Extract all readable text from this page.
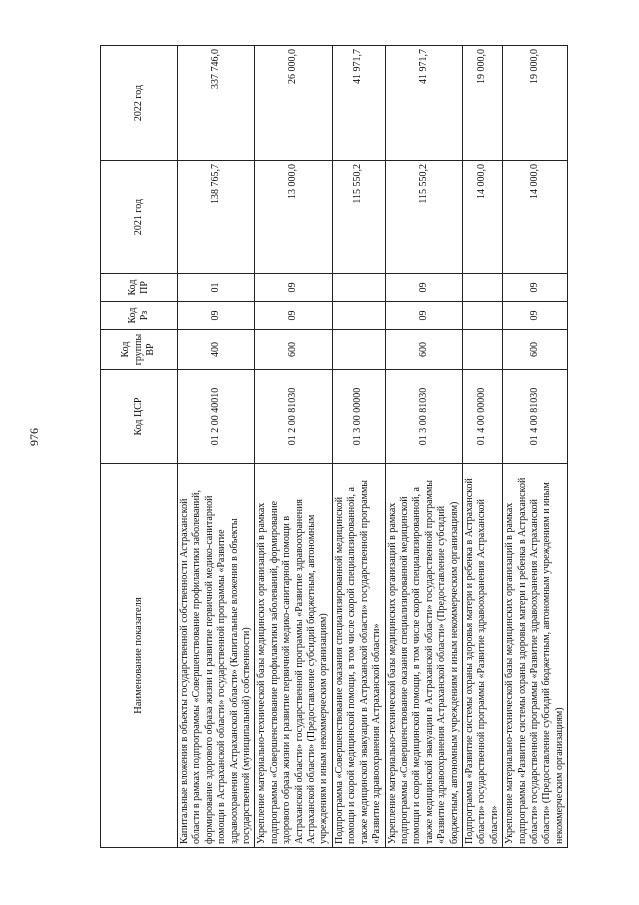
976
Наименование показателя	Код ЦСР	Код группы ВР	Код Рз	Код ПР	2021 год	2022 год
Капитальные вложения в объекты государственной собственности Астраханской области в рамках подпрограммы «Совершенствование профилактики заболеваний, формирование здорового образа жизни и развитие первичной медико-санитарной помощи в Астраханской области» государственной программы «Развитие здравоохранения Астраханской области» (Капитальные вложения в объекты государственной (муниципальной) собственности)	01 2 00 40010	400	09	01	138 765,7	337 746,0
Укрепление материально-технической базы медицинских организаций в рамках подпрограммы «Совершенствование профилактики заболеваний, формирование здорового образа жизни и развитие первичной медико-санитарной помощи в Астраханской области» государственной программы «Развитие здравоохранения Астраханской области» (Предоставление субсидий бюджетным, автономным учреждениям и иным некоммерческим организациям)	01 2 00 81030	600	09	09	13 000,0	26 000,0
Подпрограмма «Совершенствование оказания специализированной медицинской помощи и скорой медицинской помощи, в том числе скорой специализированной, а также медицинской эвакуации в Астраханской области» государственной программы «Развитие здравоохранения Астраханской области»	01 3 00 00000				115 550,2	41 971,7
Укрепление материально-технической базы медицинских организаций в рамках подпрограммы «Совершенствование оказания специализированной медицинской помощи и скорой медицинской помощи, в том числе скорой специализированной, а также медицинской эвакуации в Астраханской области» государственной программы «Развитие здравоохранения Астраханской области» (Предоставление субсидий бюджетным, автономным учреждениям и иным некоммерческим организациям)	01 3 00 81030	600	09	09	115 550,2	41 971,7
Подпрограмма «Развитие системы охраны здоровья матери и ребенка в Астраханской области» государственной программы «Развитие здравоохранения Астраханской области»	01 4 00 00000				14 000,0	19 000,0
Укрепление материально-технической базы медицинских организаций в рамках подпрограммы «Развитие системы охраны здоровья матери и ребенка в Астраханской области» государственной программы «Развитие здравоохранения Астраханской области» (Предоставление субсидий бюджетным, автономным учреждениям и иным некоммерческим организациям)	01 4 00 81030	600	09	09	14 000,0	19 000,0
